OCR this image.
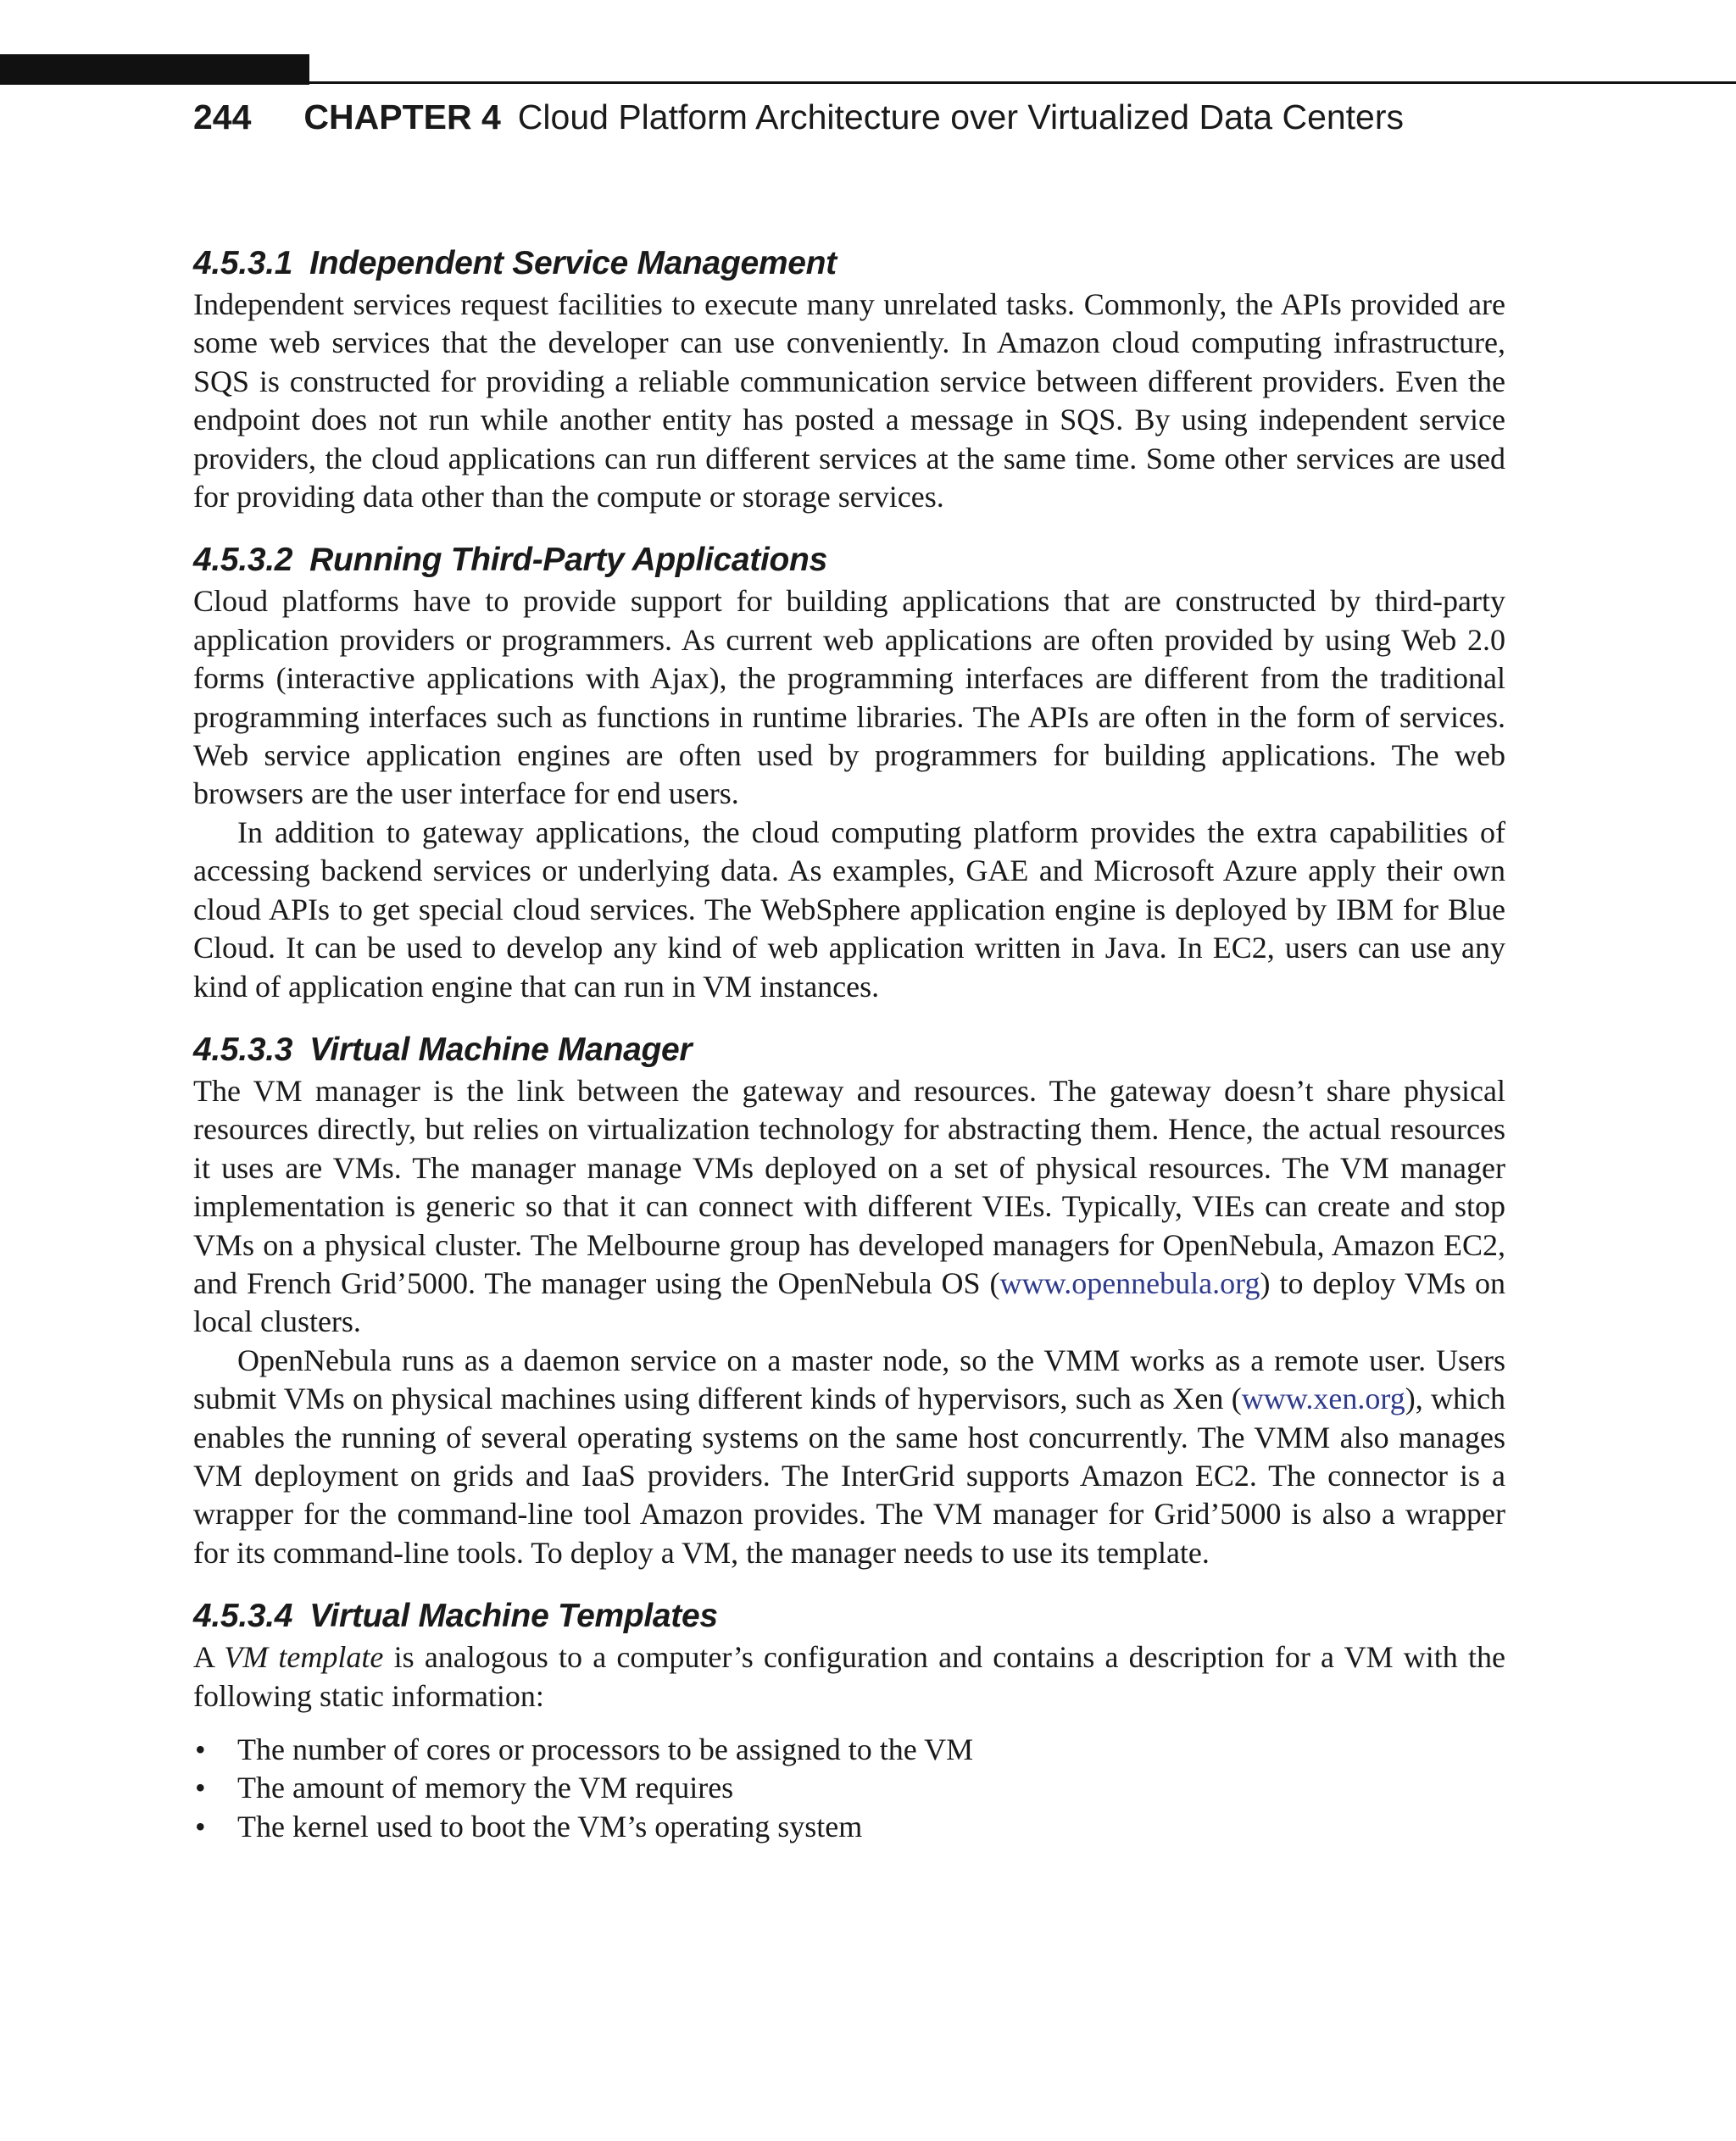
244 CHAPTER 4 Cloud Platform Architecture over Virtualized Data Centers
4.5.3.1 Independent Service Management

Independent services request facilities to execute many unrelated tasks. Commonly, the APIs provided are some web services that the developer can use conveniently. In Amazon cloud computing infrastructure, SQS is constructed for providing a reliable communication service between different providers. Even the endpoint does not run while another entity has posted a message in SQS. By using independent service providers, the cloud applications can run different services at the same time. Some other services are used for providing data other than the compute or storage services.

4.5.3.2 Running Third-Party Applications

Cloud platforms have to provide support for building applications that are constructed by third-party application providers or programmers. As current web applications are often provided by using Web 2.0 forms (interactive applications with Ajax), the programming interfaces are different from the traditional programming interfaces such as functions in runtime libraries. The APIs are often in the form of services. Web service application engines are often used by programmers for building applications. The web browsers are the user interface for end users.

In addition to gateway applications, the cloud computing platform provides the extra capabilities of accessing backend services or underlying data. As examples, GAE and Microsoft Azure apply their own cloud APIs to get special cloud services. The WebSphere application engine is deployed by IBM for Blue Cloud. It can be used to develop any kind of web application written in Java. In EC2, users can use any kind of application engine that can run in VM instances.

4.5.3.3 Virtual Machine Manager

The VM manager is the link between the gateway and resources. The gateway doesn’t share physical resources directly, but relies on virtualization technology for abstracting them. Hence, the actual resources it uses are VMs. The manager manage VMs deployed on a set of physical resources. The VM manager implementation is generic so that it can connect with different VIEs. Typically, VIEs can create and stop VMs on a physical cluster. The Melbourne group has developed managers for OpenNebula, Amazon EC2, and French Grid’5000. The manager using the OpenNebula OS (www.opennebula.org) to deploy VMs on local clusters.

OpenNebula runs as a daemon service on a master node, so the VMM works as a remote user. Users submit VMs on physical machines using different kinds of hypervisors, such as Xen (www.xen.org), which enables the running of several operating systems on the same host concurrently. The VMM also manages VM deployment on grids and IaaS providers. The InterGrid supports Amazon EC2. The connector is a wrapper for the command-line tool Amazon provides. The VM manager for Grid’5000 is also a wrapper for its command-line tools. To deploy a VM, the manager needs to use its template.

4.5.3.4 Virtual Machine Templates

A VM template is analogous to a computer’s configuration and contains a description for a VM with the following static information:

• The number of cores or processors to be assigned to the VM
• The amount of memory the VM requires
• The kernel used to boot the VM’s operating system
